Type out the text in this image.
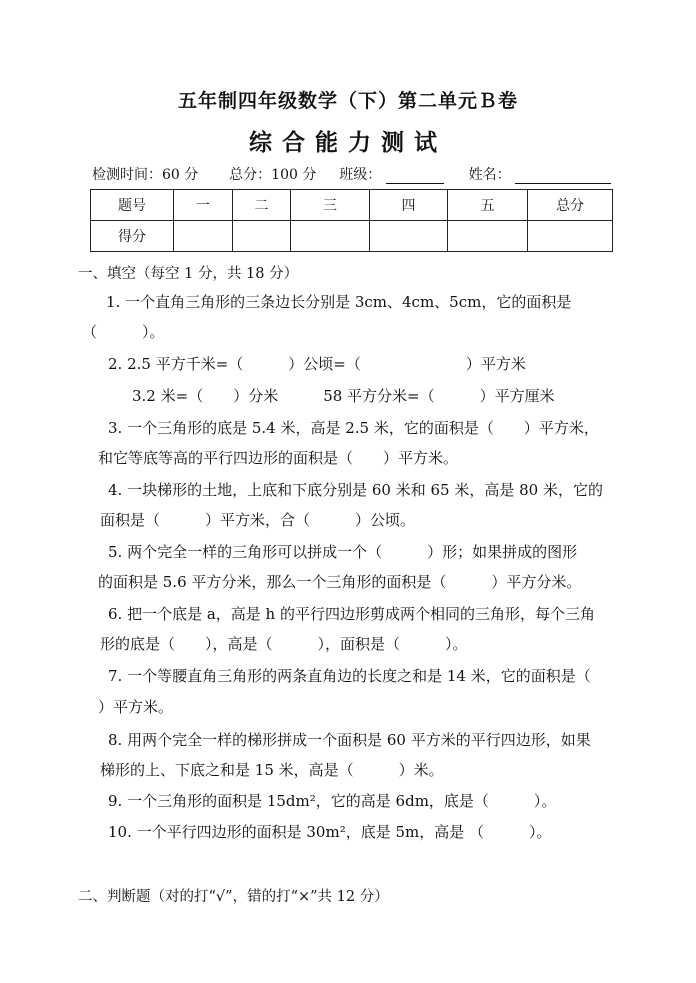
五年制四年级数学（下）第二单元Ｂ卷
综合能力测试
检测时间：60 分 总分：100 分 班级：	姓名：
题号	一	二	三	四	五	总分
得分						
一、填空（每空 1 分，共 18 分）
1. 一个直角三角形的三条边长分别是 3cm、4cm、5cm，它的面积是
（　　　）。
2. 2.5 平方千米=（　　　）公顷=（　　　　　　　）平方米
3.2 米=（　　）分米　　　58 平方分米=（　　　）平方厘米
3. 一个三角形的底是 5.4 米，高是 2.5 米，它的面积是（　　）平方米，
和它等底等高的平行四边形的面积是（　　）平方米。
4. 一块梯形的土地，上底和下底分别是 60 米和 65 米，高是 80 米，它的
面积是（　　　）平方米，合（　　　）公顷。
5. 两个完全一样的三角形可以拼成一个（　　　）形；如果拼成的图形
的面积是 5.6 平方分米，那么一个三角形的面积是（　　　）平方分米。
6. 把一个底是 a，高是 h 的平行四边形剪成两个相同的三角形，每个三角
形的底是（　　），高是（　　　），面积是（　　　）。
7. 一个等腰直角三角形的两条直角边的长度之和是 14 米，它的面积是（
）平方米。
8. 用两个完全一样的梯形拼成一个面积是 60 平方米的平行四边形，如果
梯形的上、下底之和是 15 米，高是（　　　）米。
9. 一个三角形的面积是 15dm²，它的高是 6dm，底是（　　　）。
10. 一个平行四边形的面积是 30m²，底是 5m，高是 （　　　）。
二、判断题（对的打“√”，错的打“×”共 12 分）
